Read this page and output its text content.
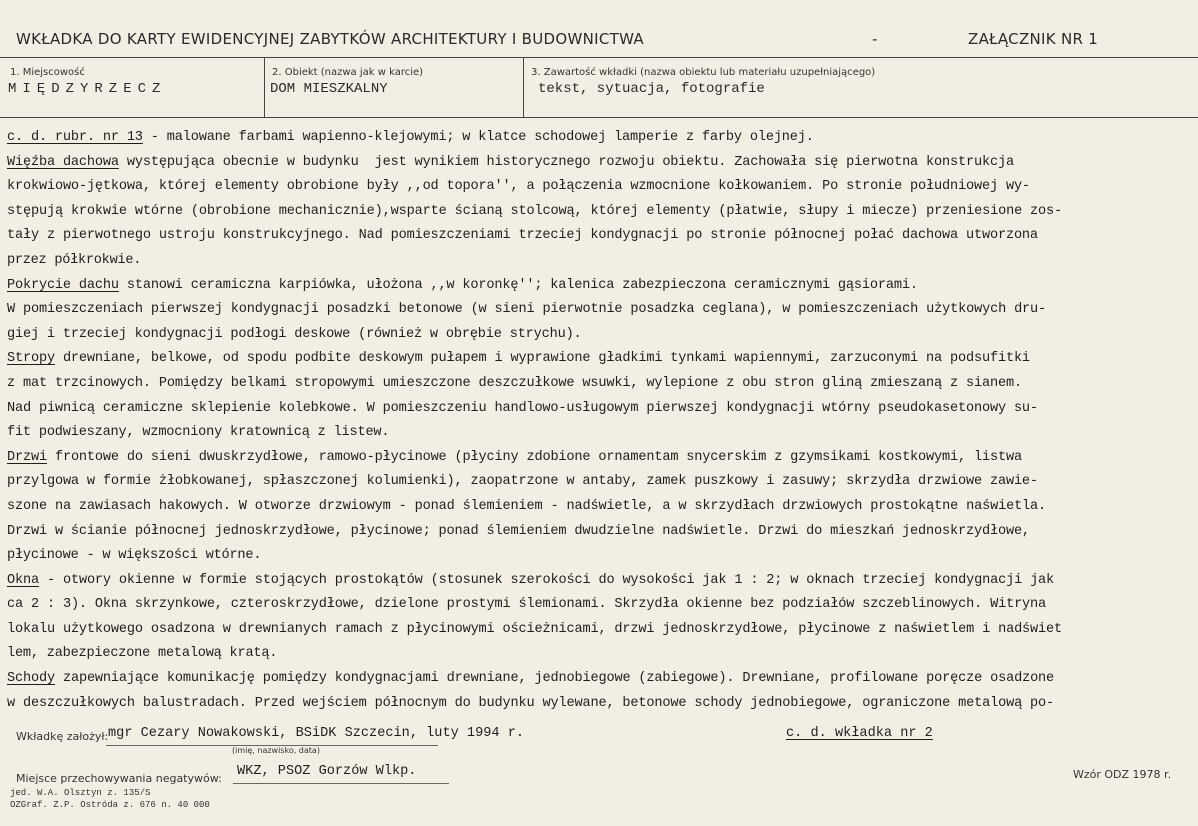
WKŁADKA DO KARTY EWIDENCYJNEJ ZABYTKÓW ARCHITEKTURY I BUDOWNICTWA	-	ZAŁĄCZNIK NR 1
1. Miejscowość
MIĘDZYRZECZ
2. Obiekt (nazwa jak w karcie)
DOM MIESZKALNY
3. Zawartość wkładki (nazwa obiektu lub materiału uzupełniającego)
tekst, sytuacja, fotografie
c. d. rubr. nr 13 - malowane farbami wapienno-klejowymi; w klatce schodowej lamperie z farby olejnej.
Więźba dachowa występująca obecnie w budynku  jest wynikiem historycznego rozwoju obiektu. Zachowała się pierwotna konstrukcja
krokwiowo-jętkowa, której elementy obrobione były ,,od topora'', a połączenia wzmocnione kołkowaniem. Po stronie południowej wy-
stępują krokwie wtórne (obrobione mechanicznie),wsparte ścianą stolcową, której elementy (płatwie, słupy i miecze) przeniesione zos-
tały z pierwotnego ustroju konstrukcyjnego. Nad pomieszczeniami trzeciej kondygnacji po stronie północnej połać dachowa utworzona
przez półkrokwie.
Pokrycie dachu stanowi ceramiczna karpiówka, ułożona ,,w koronkę''; kalenica zabezpieczona ceramicznymi gąsiorami.
W pomieszczeniach pierwszej kondygnacji posadzki betonowe (w sieni pierwotnie posadzka ceglana), w pomieszczeniach użytkowych dru-
giej i trzeciej kondygnacji podłogi deskowe (również w obrębie strychu).
Stropy drewniane, belkowe, od spodu podbite deskowym pułapem i wyprawione gładkimi tynkami wapiennymi, zarzuconymi na podsufitki
z mat trzcinowych. Pomiędzy belkami stropowymi umieszczone deszczułkowe wsuwki, wylepione z obu stron gliną zmieszaną z sianem.
Nad piwnicą ceramiczne sklepienie kolebkowe. W pomieszczeniu handlowo-usługowym pierwszej kondygnacji wtórny pseudokasetonowy su-
fit podwieszany, wzmocniony kratownicą z listew.
Drzwi frontowe do sieni dwuskrzydłowe, ramowo-płycinowe (płyciny zdobione ornamentam snycerskim z gzymsikami kostkowymi, listwa
przylgowa w formie żłobkowanej, spłaszczonej kolumienki), zaopatrzone w antaby, zamek puszkowy i zasuwy; skrzydła drzwiowe zawie-
szone na zawiasach hakowych. W otworze drzwiowym - ponad ślemieniem - nadświetle, a w skrzydłach drzwiowych prostokątne naświetla.
Drzwi w ścianie północnej jednoskrzydłowe, płycinowe; ponad ślemieniem dwudzielne nadświetle. Drzwi do mieszkań jednoskrzydłowe,
płycinowe - w większości wtórne.
Okna - otwory okienne w formie stojących prostokątów (stosunek szerokości do wysokości jak 1 : 2; w oknach trzeciej kondygnacji jak
ca 2 : 3). Okna skrzynkowe, czteroskrzydłowe, dzielone prostymi ślemionami. Skrzydła okienne bez podziałów szczeblinowych. Witryna
lokalu użytkowego osadzona w drewnianych ramach z płycinowymi ościeżnicami, drzwi jednoskrzydłowe, płycinowe z naświetlem i nadświet
lem, zabezpieczone metalową kratą.
Schody zapewniające komunikację pomiędzy kondygnacjami drewniane, jednobiegowe (zabiegowe). Drewniane, profilowane poręcze osadzone
w deszczułkowych balustradach. Przed wejściem północnym do budynku wylewane, betonowe schody jednobiegowe, ograniczone metalową po-
Wkładkę założył: mgr Cezary Nowakowski, BSiDK Szczecin, luty 1994 r.
(imię, nazwisko, data)
c. d. wkładka nr 2
Miejsce przechowywania negatywów: WKZ, PSOZ Gorzów Wlkp.	Wzór ODZ 1978 r.
jed. W.A. Olsztyn z. 135/S
OZGraf. Z.P. Ostróda z. 676 n. 40 000
